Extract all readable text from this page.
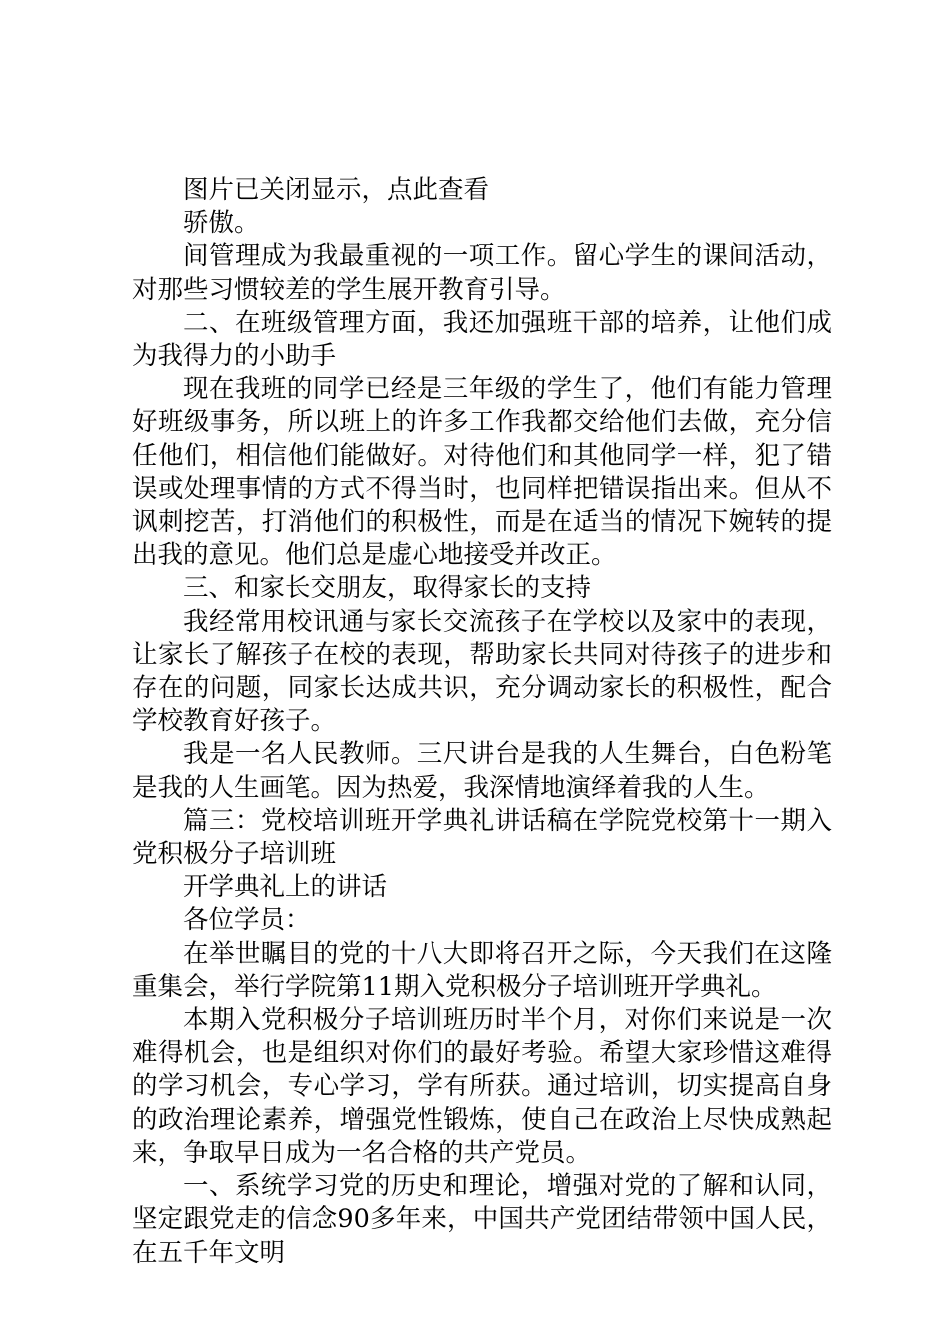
图片已关闭显示，点此查看

骄傲。

间管理成为我最重视的一项工作。留心学生的课间活动，对那些习惯较差的学生展开教育引导。

二、在班级管理方面，我还加强班干部的培养，让他们成为我得力的小助手

现在我班的同学已经是三年级的学生了，他们有能力管理好班级事务，所以班上的许多工作我都交给他们去做，充分信任他们，相信他们能做好。对待他们和其他同学一样，犯了错误或处理事情的方式不得当时，也同样把错误指出来。但从不讽刺挖苦，打消他们的积极性，而是在适当的情况下婉转的提出我的意见。他们总是虚心地接受并改正。

三、和家长交朋友，取得家长的支持

我经常用校讯通与家长交流孩子在学校以及家中的表现，让家长了解孩子在校的表现，帮助家长共同对待孩子的进步和存在的问题，同家长达成共识，充分调动家长的积极性，配合学校教育好孩子。

我是一名人民教师。三尺讲台是我的人生舞台，白色粉笔是我的人生画笔。因为热爱，我深情地演绎着我的人生。

篇三：党校培训班开学典礼讲话稿在学院党校第十一期入党积极分子培训班

开学典礼上的讲话

各位学员：

在举世瞩目的党的十八大即将召开之际，今天我们在这隆重集会，举行学院第11期入党积极分子培训班开学典礼。

本期入党积极分子培训班历时半个月，对你们来说是一次难得机会，也是组织对你们的最好考验。希望大家珍惜这难得的学习机会，专心学习，学有所获。通过培训，切实提高自身的政治理论素养，增强党性锻炼，使自己在政治上尽快成熟起来，争取早日成为一名合格的共产党员。

一、系统学习党的历史和理论，增强对党的了解和认同，坚定跟党走的信念90多年来，中国共产党团结带领中国人民，在五千年文明
